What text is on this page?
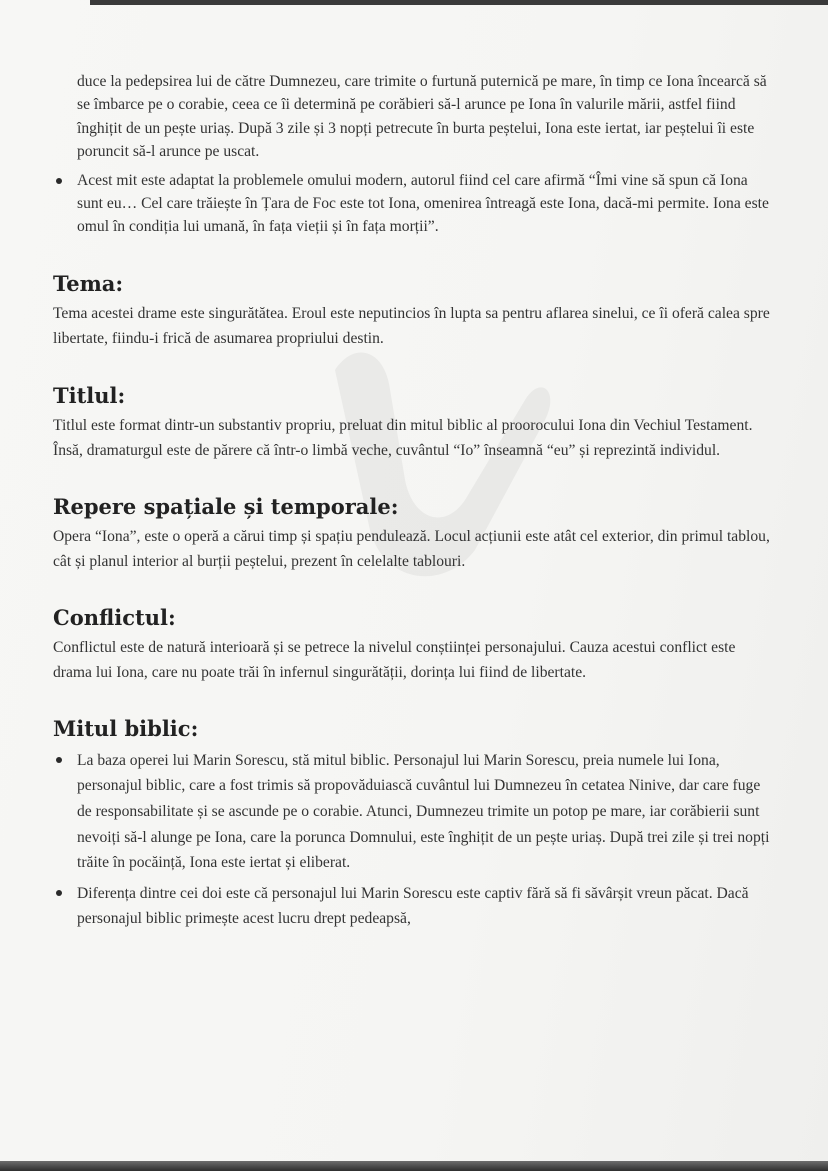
duce la pedepsirea lui de către Dumnezeu, care trimite o furtună puternică pe mare, în timp ce Iona încearcă să se îmbarce pe o corabie, ceea ce îi determină pe corăbieri să-l arunce pe Iona în valurile mării, astfel fiind înghițit de un pește uriaș. După 3 zile și 3 nopți petrecute în burta peștelui, Iona este iertat, iar peștelui îi este poruncit să-l arunce pe uscat.
Acest mit este adaptat la problemele omului modern, autorul fiind cel care afirmă “Îmi vine să spun că Iona sunt eu… Cel care trăiește în Țara de Foc este tot Iona, omenirea întreagă este Iona, dacă-mi permite. Iona este omul în condiția lui umană, în fața vieții și în fața morții”.
Tema:

Tema acestei drame este singurătătea. Eroul este neputincios în lupta sa pentru aflarea sinelui, ce îi oferă calea spre libertate, fiindu-i frică de asumarea propriului destin.

Titlul:

Titlul este format dintr-un substantiv propriu, preluat din mitul biblic al proorocului Iona din Vechiul Testament. Însă, dramaturgul este de părere că într-o limbă veche, cuvântul “Io” înseamnă “eu” și reprezintă individul.

Repere spațiale și temporale:

Opera “Iona”, este o operă a cărui timp și spațiu pendulează. Locul acțiunii este atât cel exterior, din primul tablou, cât și planul interior al burții peștelui, prezent în celelalte tablouri.

Conflictul:

Conflictul este de natură interioară și se petrece la nivelul conștiinței personajului. Cauza acestui conflict este drama lui Iona, care nu poate trăi în infernul singurătății, dorința lui fiind de libertate.

Mitul biblic:
La baza operei lui Marin Sorescu, stă mitul biblic. Personajul lui Marin Sorescu, preia numele lui Iona, personajul biblic, care a fost trimis să propovăduiască cuvântul lui Dumnezeu în cetatea Ninive, dar care fuge de responsabilitate și se ascunde pe o corabie. Atunci, Dumnezeu trimite un potop pe mare, iar corăbierii sunt nevoiți să-l alunge pe Iona, care la porunca Domnului, este înghițit de un pește uriaș. După trei zile și trei nopți trăite în pocăință, Iona este iertat și eliberat.
Diferența dintre cei doi este că personajul lui Marin Sorescu este captiv fără să fi săvârșit vreun păcat. Dacă personajul biblic primește acest lucru drept pedeapsă,
